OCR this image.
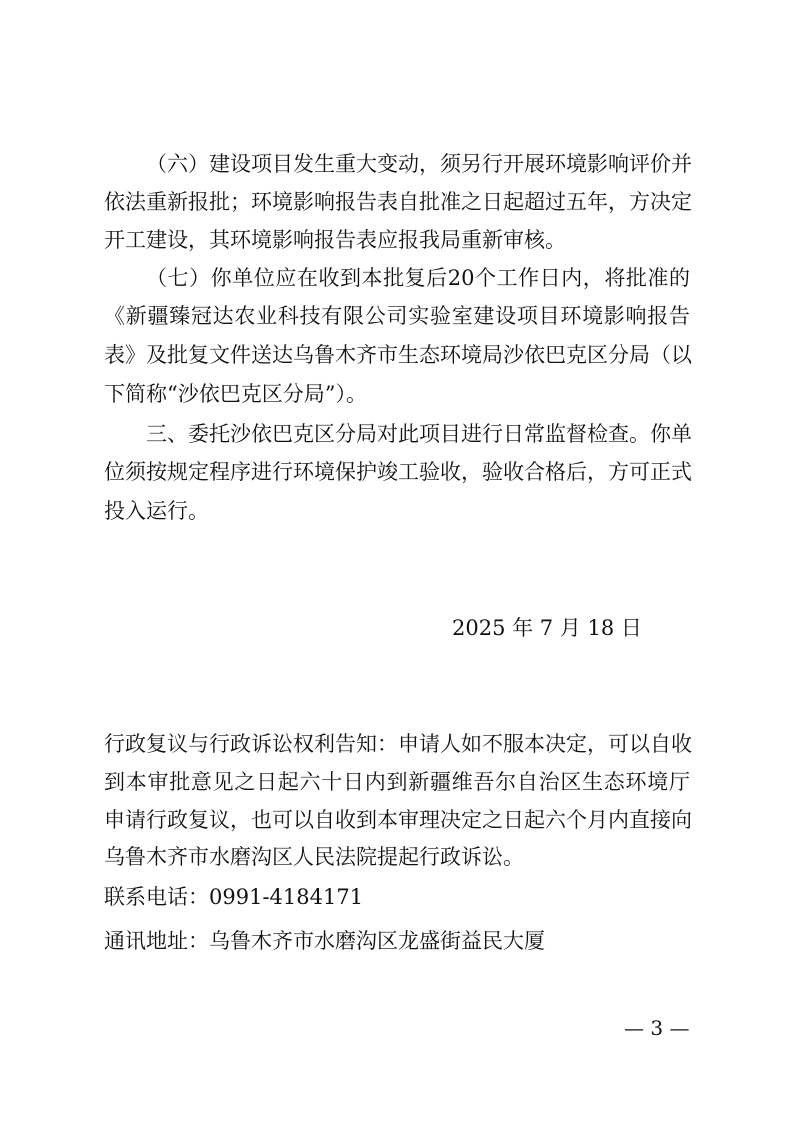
（六）建设项目发生重大变动，须另行开展环境影响评价并
依法重新报批；环境影响报告表自批准之日起超过五年，方决定
开工建设，其环境影响报告表应报我局重新审核。
（七）你单位应在收到本批复后20个工作日内，将批准的
《新疆臻冠达农业科技有限公司实验室建设项目环境影响报告
表》及批复文件送达乌鲁木齐市生态环境局沙依巴克区分局（以
下简称“沙依巴克区分局”）。
三、委托沙依巴克区分局对此项目进行日常监督检查。你单
位须按规定程序进行环境保护竣工验收，验收合格后，方可正式
投入运行。
2025 年 7 月 18 日
行政复议与行政诉讼权利告知：申请人如不服本决定，可以自收
到本审批意见之日起六十日内到新疆维吾尔自治区生态环境厅
申请行政复议，也可以自收到本审理决定之日起六个月内直接向
乌鲁木齐市水磨沟区人民法院提起行政诉讼。
联系电话：0991-4184171
通讯地址：乌鲁木齐市水磨沟区龙盛街益民大厦
— 3 —
